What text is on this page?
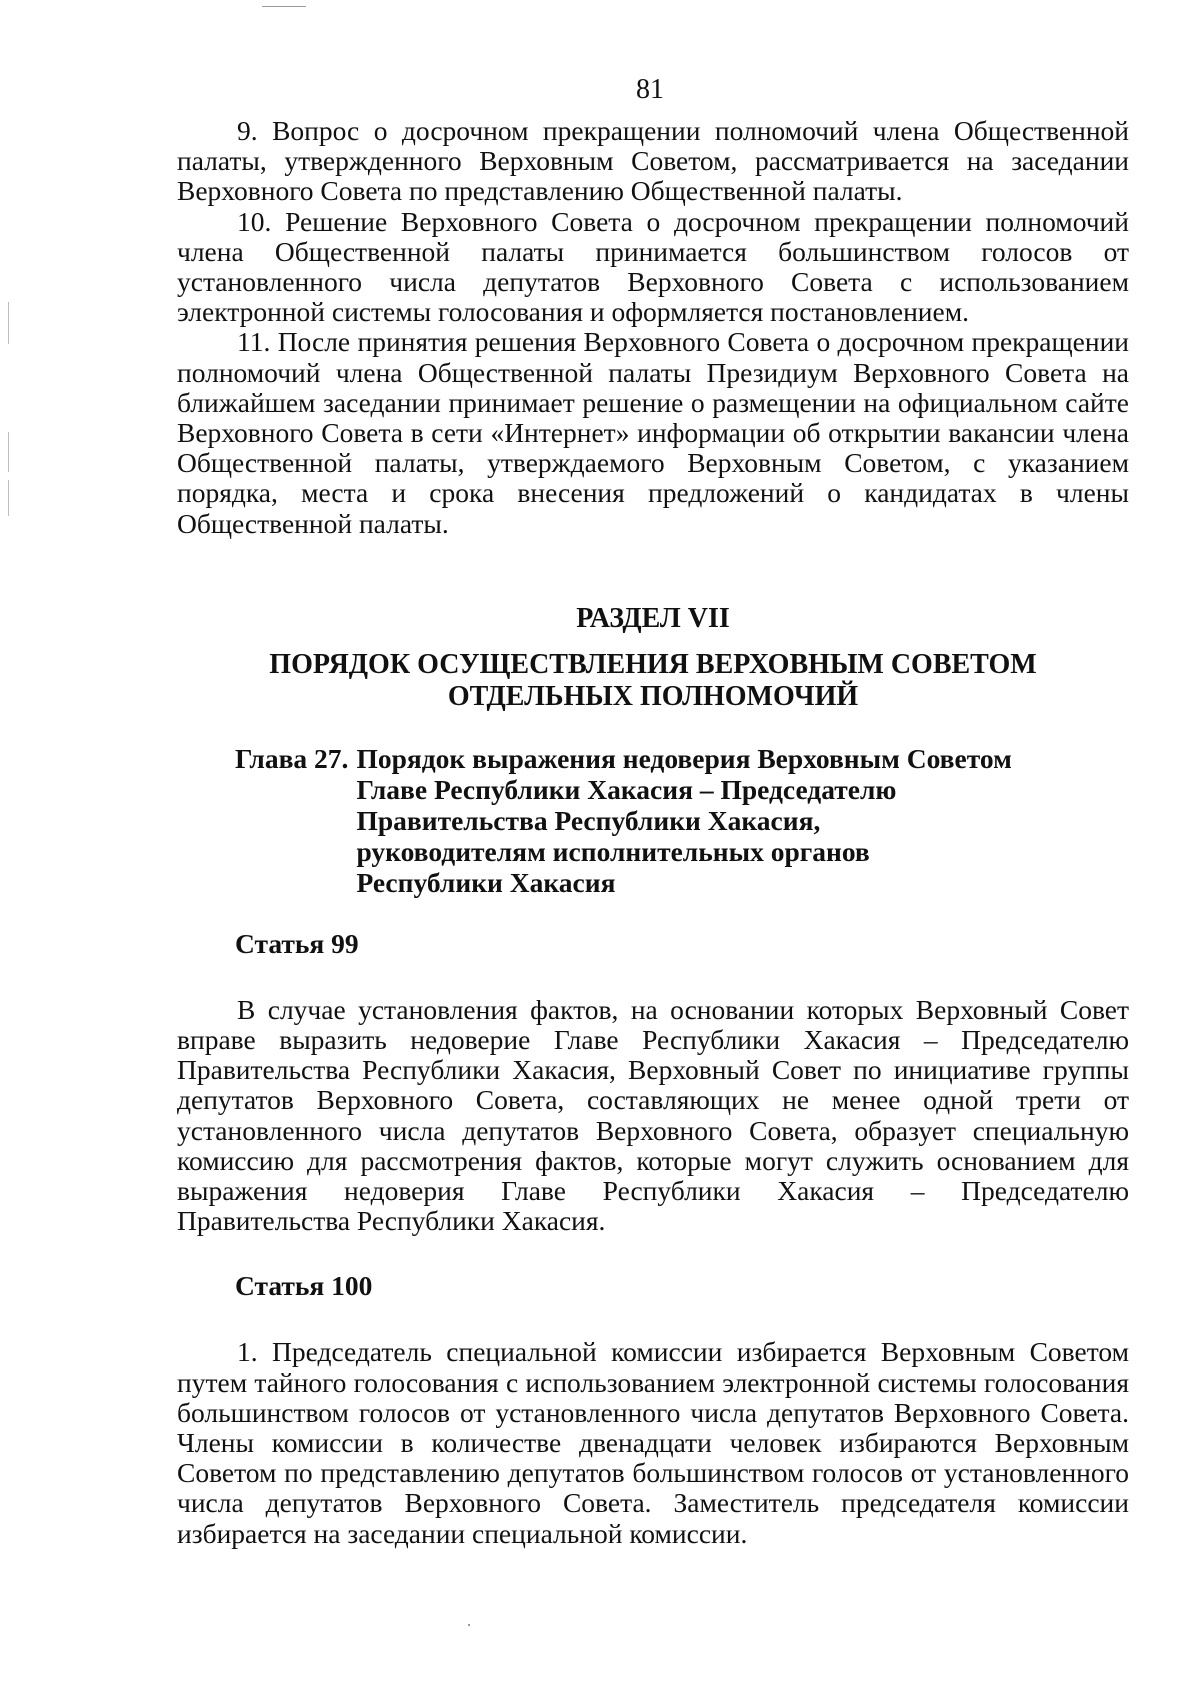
81

9. Вопрос о досрочном прекращении полномочий члена Общественной палаты, утвержденного Верховным Советом, рассматривается на заседании Верховного Совета по представлению Общественной палаты.

10. Решение Верховного Совета о досрочном прекращении полномочий члена Общественной палаты принимается большинством голосов от установленного числа депутатов Верховного Совета с использованием электронной системы голосования и оформляется постановлением.

11. После принятия решения Верховного Совета о досрочном прекращении полномочий члена Общественной палаты Президиум Верховного Совета на ближайшем заседании принимает решение о размещении на официальном сайте Верховного Совета в сети «Интернет» информации об открытии вакансии члена Общественной палаты, утверждаемого Верховным Советом, с указанием порядка, места и срока внесения предложений о кандидатах в члены Общественной палаты.

РАЗДЕЛ VII
ПОРЯДОК ОСУЩЕСТВЛЕНИЯ ВЕРХОВНЫМ СОВЕТОМ
ОТДЕЛЬНЫХ ПОЛНОМОЧИЙ
Глава 27. Порядок выражения недоверия Верховным Советом
Главе Республики Хакасия – Председателю
Правительства Республики Хакасия,
руководителям исполнительных органов
Республики Хакасия
Статья 99

В случае установления фактов, на основании которых Верховный Совет вправе выразить недоверие Главе Республики Хакасия – Председателю Правительства Республики Хакасия, Верховный Совет по инициативе группы депутатов Верховного Совета, составляющих не менее одной трети от установленного числа депутатов Верховного Совета, образует специальную комиссию для рассмотрения фактов, которые могут служить основанием для выражения недоверия Главе Республики Хакасия – Председателю Правительства Республики Хакасия.

Статья 100

1. Председатель специальной комиссии избирается Верховным Советом путем тайного голосования с использованием электронной системы голосования большинством голосов от установленного числа депутатов Верховного Совета. Члены комиссии в количестве двенадцати человек избираются Верховным Советом по представлению депутатов большинством голосов от установленного числа депутатов Верховного Совета. Заместитель председателя комиссии избирается на заседании специальной комиссии.
